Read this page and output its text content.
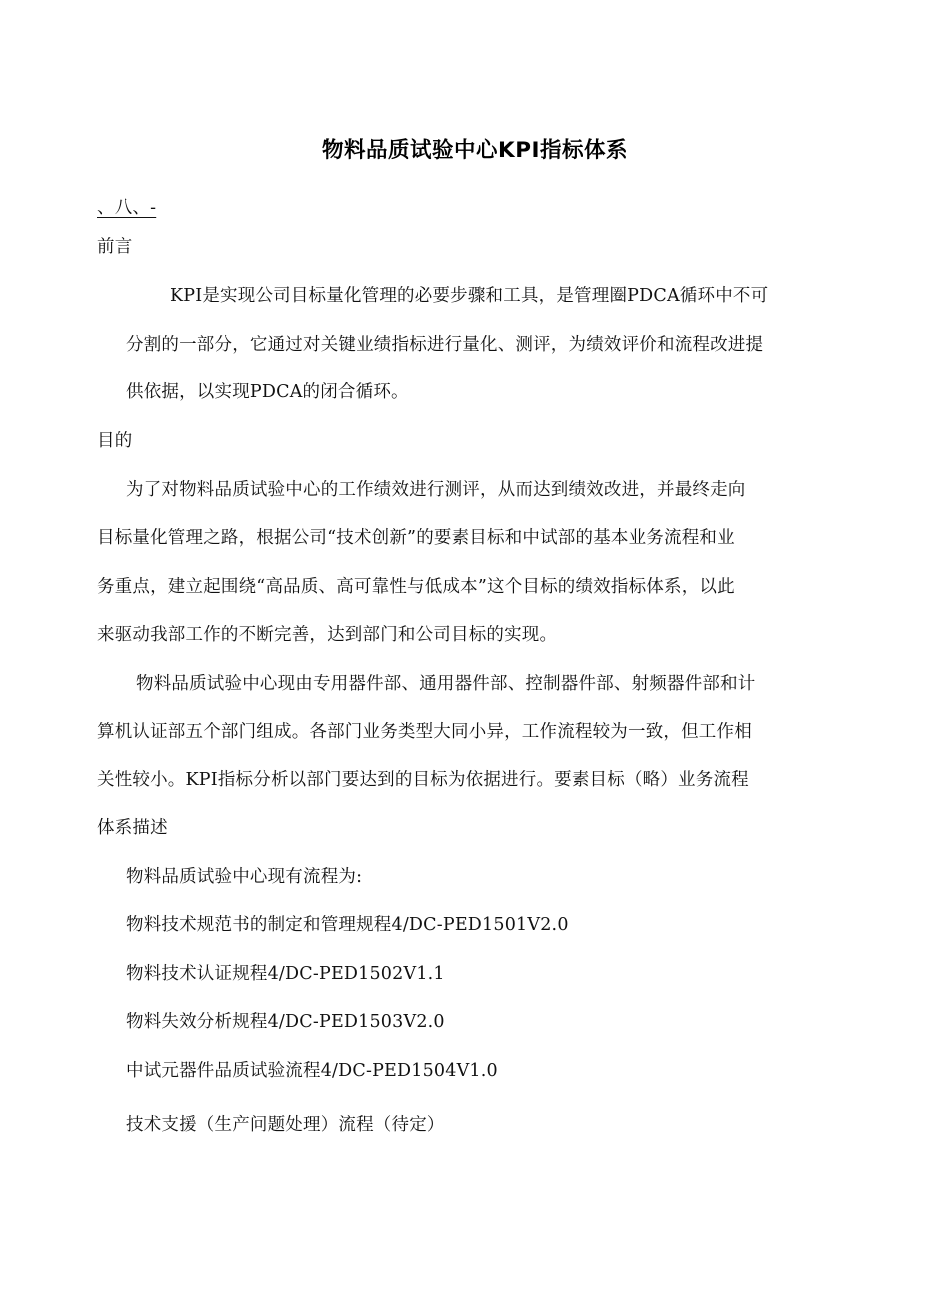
物料品质试验中心KPI指标体系
、八、-
前言
KPI是实现公司目标量化管理的必要步骤和工具，是管理圈PDCA循环中不可
分割的一部分，它通过对关键业绩指标进行量化、测评，为绩效评价和流程改进提
供依据，以实现PDCA的闭合循环。
目的
为了对物料品质试验中心的工作绩效进行测评，从而达到绩效改进，并最终走向
目标量化管理之路，根据公司“技术创新”的要素目标和中试部的基本业务流程和业
务重点，建立起围绕“高品质、高可靠性与低成本”这个目标的绩效指标体系，以此
来驱动我部工作的不断完善，达到部门和公司目标的实现。
物料品质试验中心现由专用器件部、通用器件部、控制器件部、射频器件部和计
算机认证部五个部门组成。各部门业务类型大同小异，工作流程较为一致，但工作相
关性较小。KPI指标分析以部门要达到的目标为依据进行。要素目标（略）业务流程
体系描述
物料品质试验中心现有流程为:
物料技术规范书的制定和管理规程4/DC-PED1501V2.0
物料技术认证规程4/DC-PED1502V1.1
物料失效分析规程4/DC-PED1503V2.0
中试元器件品质试验流程4/DC-PED1504V1.0
技术支援（生产问题处理）流程（待定）
